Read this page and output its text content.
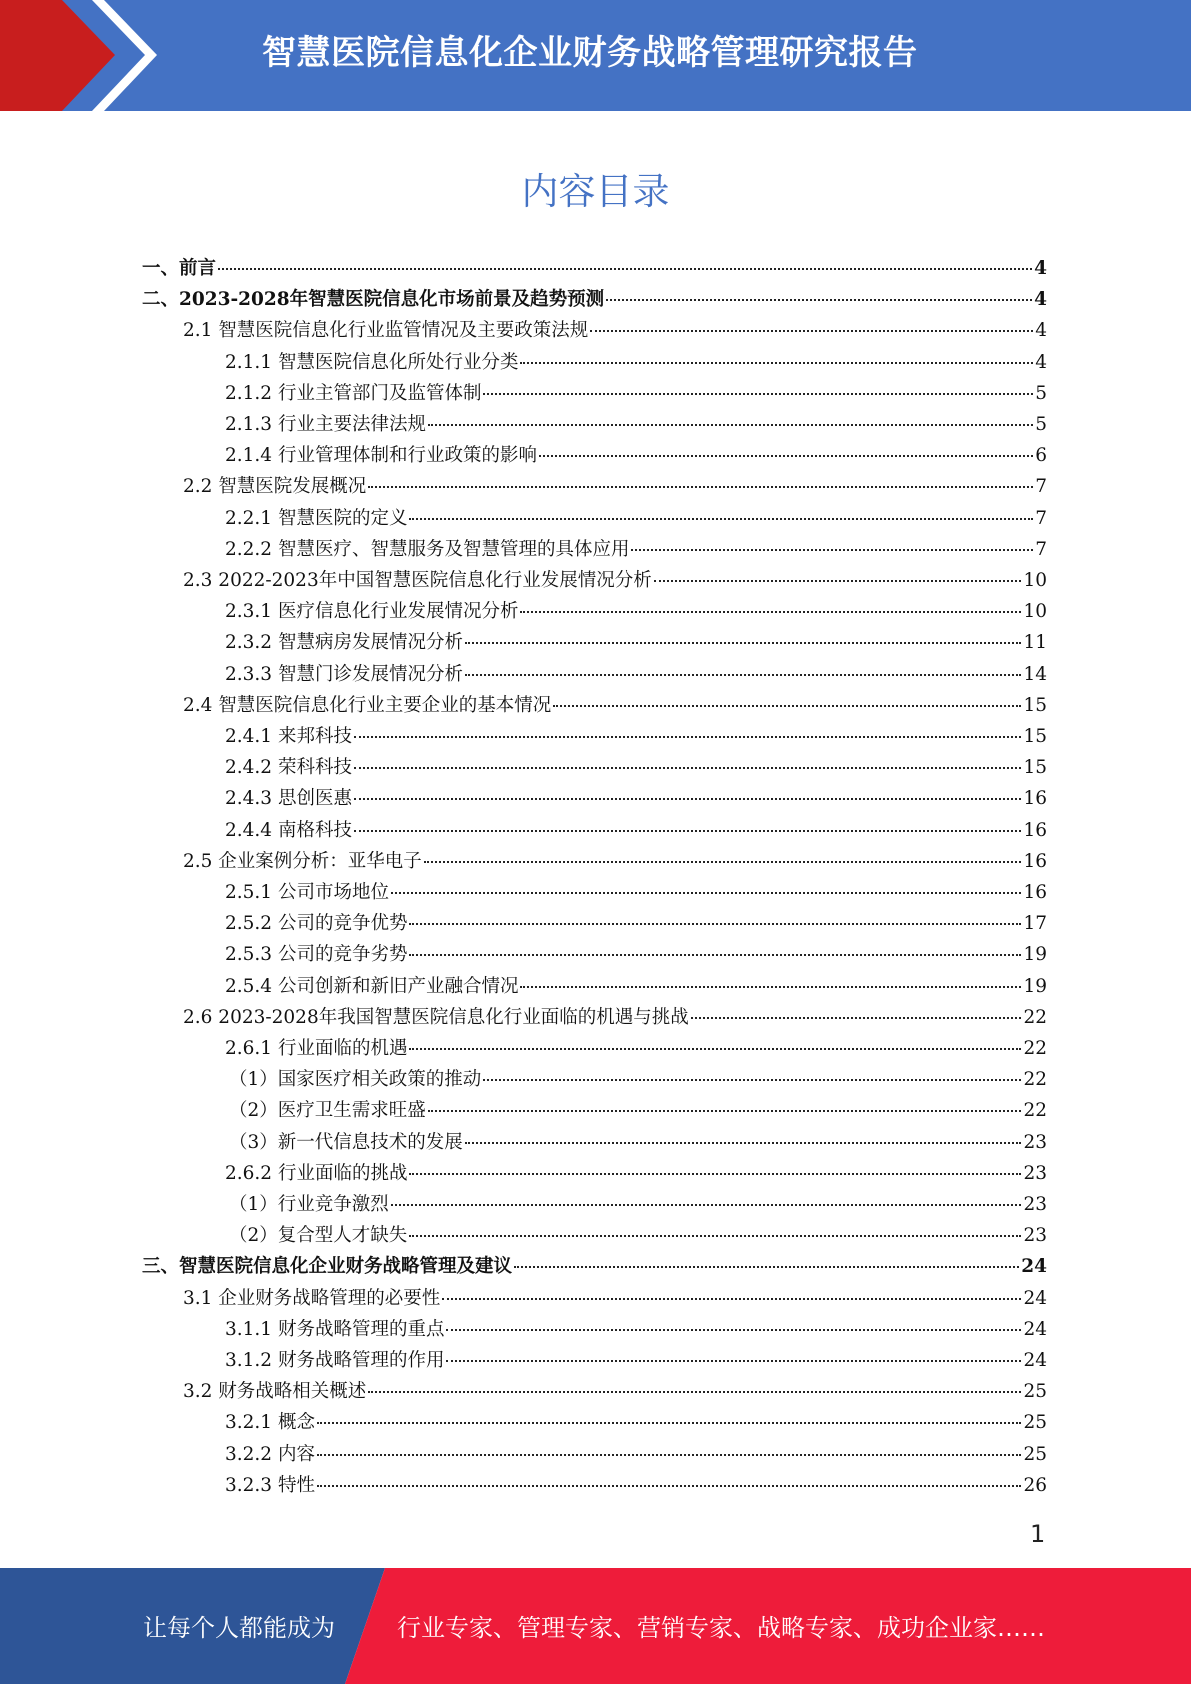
智慧医院信息化企业财务战略管理研究报告
内容目录
一、前言	4
二、2023-2028年智慧医院信息化市场前景及趋势预测	4
2.1 智慧医院信息化行业监管情况及主要政策法规	4
2.1.1 智慧医院信息化所处行业分类	4
2.1.2 行业主管部门及监管体制	5
2.1.3 行业主要法律法规	5
2.1.4 行业管理体制和行业政策的影响	6
2.2 智慧医院发展概况	7
2.2.1 智慧医院的定义	7
2.2.2 智慧医疗、智慧服务及智慧管理的具体应用	7
2.3 2022-2023年中国智慧医院信息化行业发展情况分析	10
2.3.1 医疗信息化行业发展情况分析	10
2.3.2 智慧病房发展情况分析	11
2.3.3 智慧门诊发展情况分析	14
2.4 智慧医院信息化行业主要企业的基本情况	15
2.4.1 来邦科技	15
2.4.2 荣科科技	15
2.4.3 思创医惠	16
2.4.4 南格科技	16
2.5 企业案例分析：亚华电子	16
2.5.1 公司市场地位	16
2.5.2 公司的竞争优势	17
2.5.3 公司的竞争劣势	19
2.5.4 公司创新和新旧产业融合情况	19
2.6 2023-2028年我国智慧医院信息化行业面临的机遇与挑战	22
2.6.1 行业面临的机遇	22
（1）国家医疗相关政策的推动	22
（2）医疗卫生需求旺盛	22
（3）新一代信息技术的发展	23
2.6.2 行业面临的挑战	23
（1）行业竞争激烈	23
（2）复合型人才缺失	23
三、智慧医院信息化企业财务战略管理及建议	24
3.1 企业财务战略管理的必要性	24
3.1.1 财务战略管理的重点	24
3.1.2 财务战略管理的作用	24
3.2 财务战略相关概述	25
3.2.1 概念	25
3.2.2 内容	25
3.2.3 特性	26
1
让每个人都能成为	行业专家、管理专家、营销专家、战略专家、成功企业家……
